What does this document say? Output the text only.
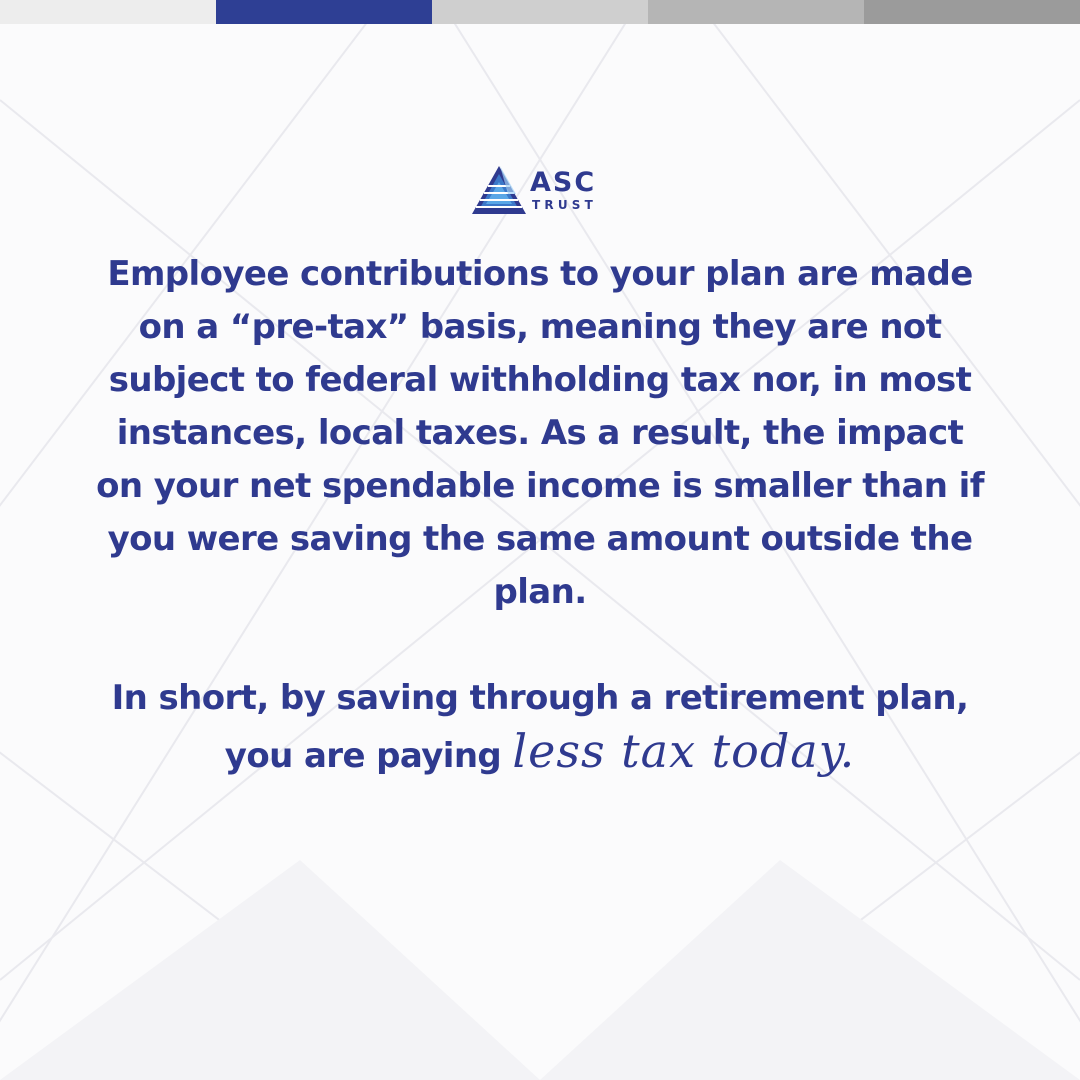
ASC
TRUST

Employee contributions to your plan are made on a “pre-tax” basis, meaning they are not subject to federal withholding tax nor, in most instances, local taxes. As a result, the impact on your net spendable income is smaller than if you were saving the same amount outside the plan.

In short, by saving through a retirement plan, you are paying less tax today.
